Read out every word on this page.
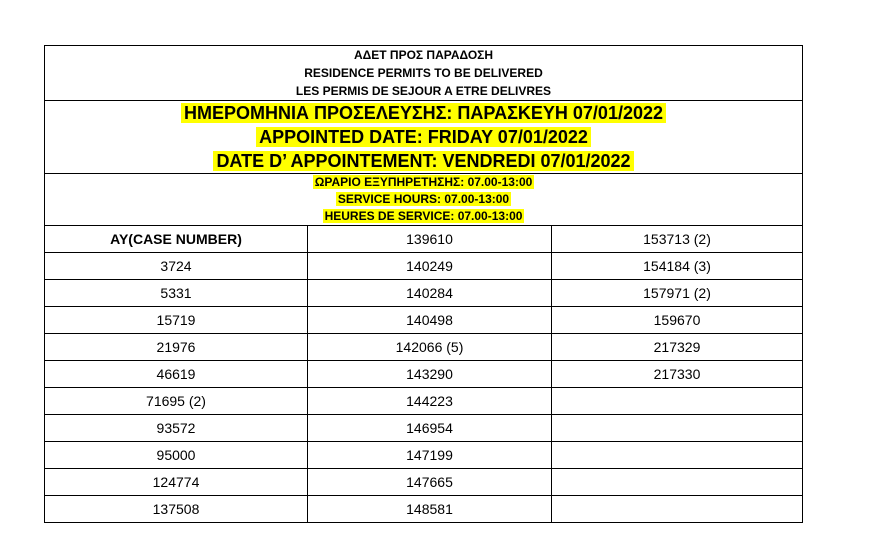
ΑΔΕΤ ΠΡΟΣ ΠΑΡΑΔΟΣΗ
RESIDENCE PERMITS TO BE DELIVERED
LES PERMIS DE SEJOUR A ETRE DELIVRES		

ΗΜΕΡΟΜΗΝΙΑ ΠΡΟΣΕΛΕΥΣΗΣ: ΠΑΡΑΣΚΕΥΗ 07/01/2022
APPOINTED DATE: FRIDAY 07/01/2022
DATE D’ APPOINTEMENT: VENDREDI 07/01/2022		

ΩΡΑΡΙΟ ΕΞΥΠΗΡΕΤΗΣΗΣ: 07.00-13:00
SERVICE HOURS: 07.00-13:00
HEURES DE SERVICE: 07.00-13:00		

ΑΥ(CASE NUMBER)	139610	153713 (2)
3724	140249	154184 (3)
5331	140284	157971 (2)
15719	140498	159670
21976	142066 (5)	217329
46619	143290	217330
71695 (2)	144223	
93572	146954	
95000	147199	
124774	147665	
137508	148581	
